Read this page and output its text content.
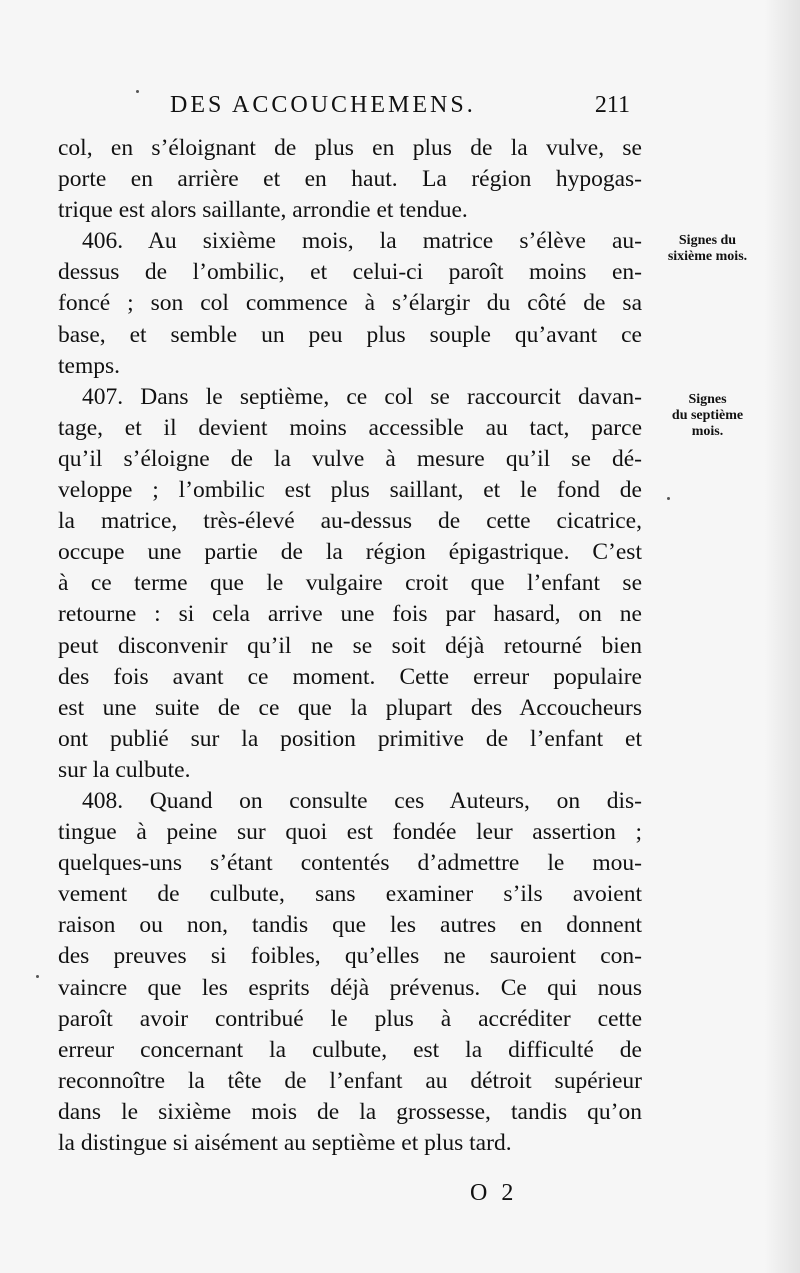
DES ACCOUCHEMENS.	211
col, en s’éloignant de plus en plus de la vulve, se
porte en arrière et en haut. La région hypogas-
trique est alors saillante, arrondie et tendue.
406. Au sixième mois, la matrice s’élève au-
dessus de l’ombilic, et celui-ci paroît moins en-
foncé ; son col commence à s’élargir du côté de sa
base, et semble un peu plus souple qu’avant ce
temps.
407. Dans le septième, ce col se raccourcit davan-
tage, et il devient moins accessible au tact, parce
qu’il s’éloigne de la vulve à mesure qu’il se dé-
veloppe ; l’ombilic est plus saillant, et le fond de
la matrice, très-élevé au-dessus de cette cicatrice,
occupe une partie de la région épigastrique. C’est
à ce terme que le vulgaire croit que l’enfant se
retourne : si cela arrive une fois par hasard, on ne
peut disconvenir qu’il ne se soit déjà retourné bien
des fois avant ce moment. Cette erreur populaire
est une suite de ce que la plupart des Accoucheurs
ont publié sur la position primitive de l’enfant et
sur la culbute.
408. Quand on consulte ces Auteurs, on dis-
tingue à peine sur quoi est fondée leur assertion ;
quelques-uns s’étant contentés d’admettre le mou-
vement de culbute, sans examiner s’ils avoient
raison ou non, tandis que les autres en donnent
des preuves si foibles, qu’elles ne sauroient con-
vaincre que les esprits déjà prévenus. Ce qui nous
paroît avoir contribué le plus à accréditer cette
erreur concernant la culbute, est la difficulté de
reconnoître la tête de l’enfant au détroit supérieur
dans le sixième mois de la grossesse, tandis qu’on
la distingue si aisément au septième et plus tard.
Signes du
sixième mois.
Signes
du septième
mois.
O 2
